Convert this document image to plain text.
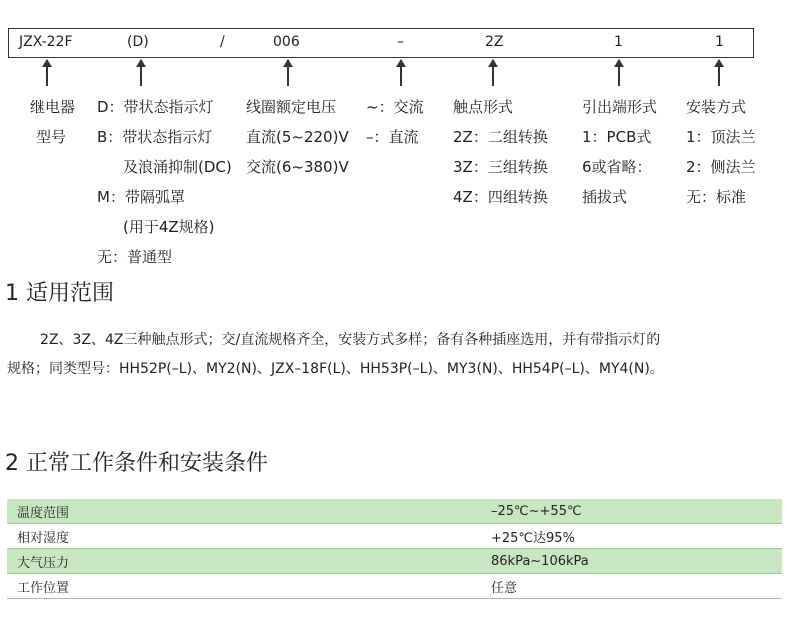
JZX-22F	(D)	/	006	–	2Z	1	1
继电器
型号
D：带状态指示灯
B：带状态指示灯
及浪涌抑制(DC)
M：带隔弧罩
(用于4Z规格)
无：普通型
线圈额定电压
直流(5~220)V
交流(6~380)V
~：交流
–：直流
触点形式
2Z：二组转换
3Z：三组转换
4Z：四组转换
引出端形式
1：PCB式
6或省略：
插拔式
安装方式
1：顶法兰
2：侧法兰
无：标准
1 适用范围
2Z、3Z、4Z三种触点形式；交/直流规格齐全，安装方式多样；备有各种插座选用，并有带指示灯的
规格；同类型号：HH52P(–L)、MY2(N)、JZX–18F(L)、HH53P(–L)、MY3(N)、HH54P(–L)、MY4(N)。
2 正常工作条件和安装条件
温度范围	–25℃~+55℃
相对湿度	+25℃达95%
大气压力	86kPa~106kPa
工作位置	任意
